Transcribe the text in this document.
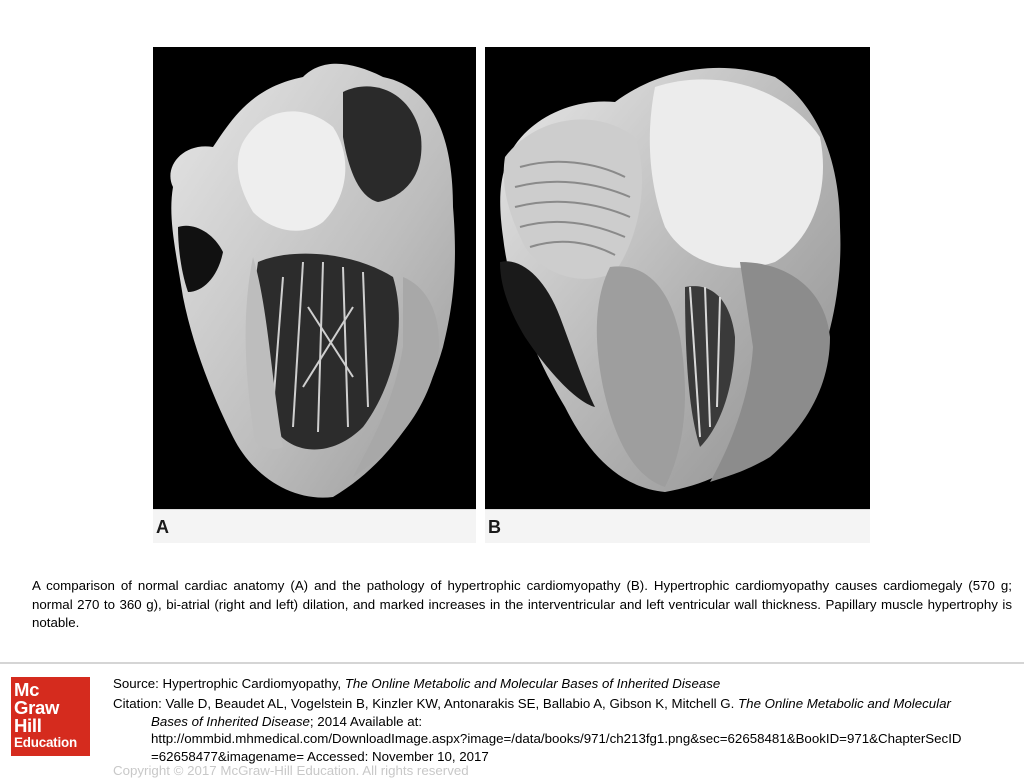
A	B
A comparison of normal cardiac anatomy (A) and the pathology of hypertrophic cardiomyopathy (B). Hypertrophic cardiomyopathy causes cardiomegaly (570 g; normal 270 to 360 g), bi-atrial (right and left) dilation, and marked increases in the interventricular and left ventricular wall thickness. Papillary muscle hypertrophy is notable.
Mc
Graw
Hill
Education
Source: Hypertrophic Cardiomyopathy, The Online Metabolic and Molecular Bases of Inherited Disease
Citation: Valle D, Beaudet AL, Vogelstein B, Kinzler KW, Antonarakis SE, Ballabio A, Gibson K, Mitchell G. The Online Metabolic and Molecular
Bases of Inherited Disease; 2014 Available at:
http://ommbid.mhmedical.com/DownloadImage.aspx?image=/data/books/971/ch213fg1.png&sec=62658481&BookID=971&ChapterSecID
=62658477&imagename= Accessed: November 10, 2017
Copyright © 2017 McGraw-Hill Education. All rights reserved
